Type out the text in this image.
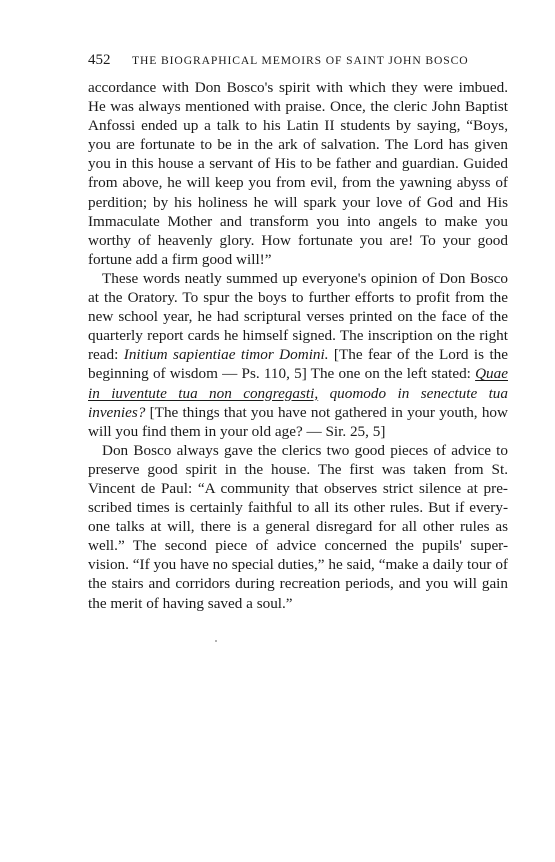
452	THE BIOGRAPHICAL MEMOIRS OF SAINT JOHN BOSCO

accordance with Don Bosco's spirit with which they were imbued. He was always mentioned with praise. Once, the cleric John Baptist Anfossi ended up a talk to his Latin II students by saying, “Boys, you are fortunate to be in the ark of salvation. The Lord has given you in this house a servant of His to be father and guardian. Guided from above, he will keep you from evil, from the yawning abyss of perdition; by his holiness he will spark your love of God and His Immaculate Mother and transform you into angels to make you worthy of heavenly glory. How fortunate you are! To your good fortune add a firm good will!”

These words neatly summed up everyone's opinion of Don Bosco at the Oratory. To spur the boys to further efforts to profit from the new school year, he had scriptural verses printed on the face of the quarterly report cards he himself signed. The inscription on the right read: Initium sapientiae timor Domini. [The fear of the Lord is the beginning of wisdom — Ps. 110, 5] The one on the left stated: Quae in iuventute tua non congregasti, quomodo in senectute tua invenies? [The things that you have not gathered in your youth, how will you find them in your old age? — Sir. 25, 5]

Don Bosco always gave the clerics two good pieces of advice to preserve good spirit in the house. The first was taken from St. Vincent de Paul: “A community that observes strict silence at pre-scribed times is certainly faithful to all its other rules. But if every-one talks at will, there is a general disregard for all other rules as well.” The second piece of advice concerned the pupils' super-vision. “If you have no special duties,” he said, “make a daily tour of the stairs and corridors during recreation periods, and you will gain the merit of having saved a soul.”
